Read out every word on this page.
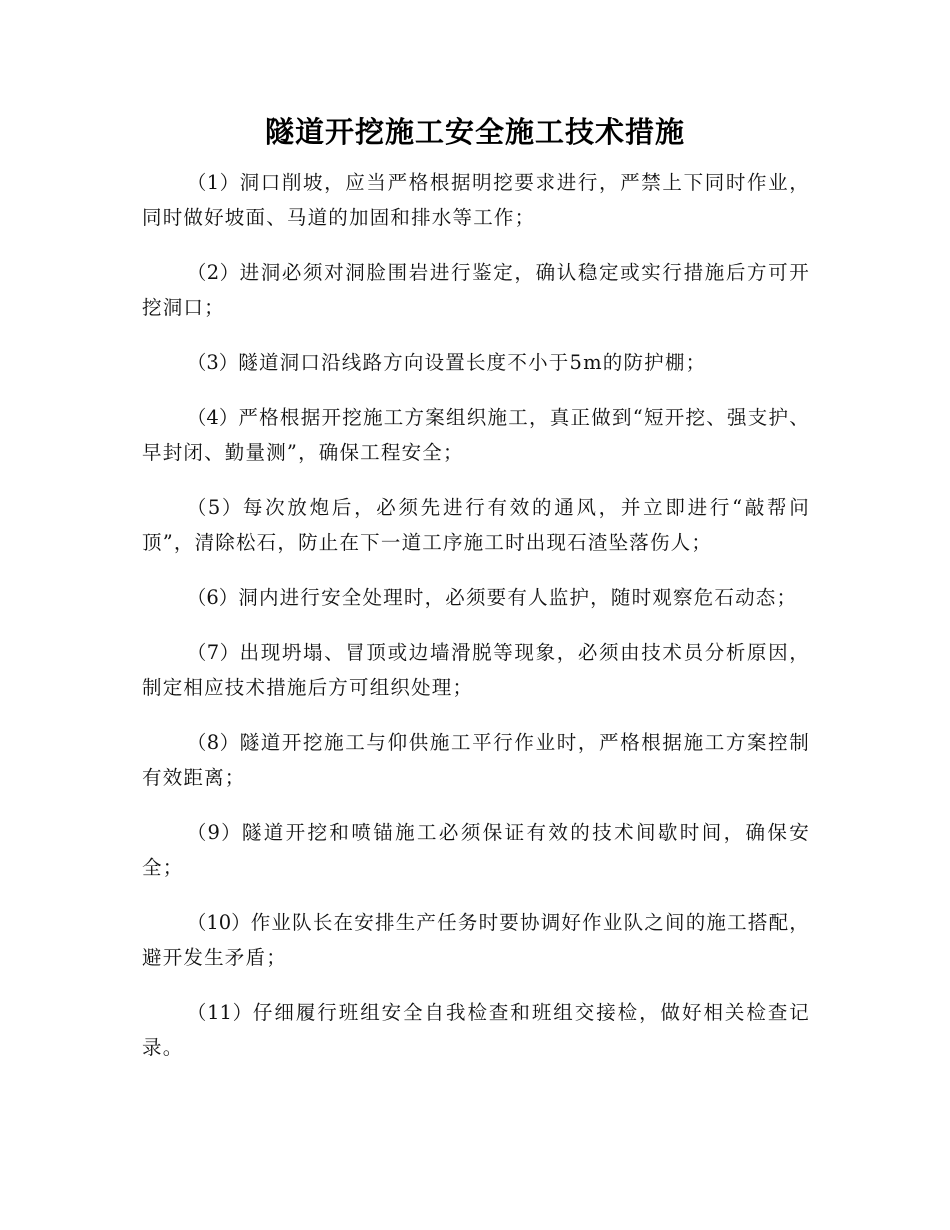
隧道开挖施工安全施工技术措施

（1）洞口削坡，应当严格根据明挖要求进行，严禁上下同时作业，同时做好坡面、马道的加固和排水等工作；

（2）进洞必须对洞脸围岩进行鉴定，确认稳定或实行措施后方可开挖洞口；

（3）隧道洞口沿线路方向设置长度不小于5m的防护棚；

（4）严格根据开挖施工方案组织施工，真正做到“短开挖、强支护、早封闭、勤量测”，确保工程安全；

（5）每次放炮后，必须先进行有效的通风，并立即进行“敲帮问顶”，清除松石，防止在下一道工序施工时出现石渣坠落伤人；

（6）洞内进行安全处理时，必须要有人监护，随时观察危石动态；

（7）出现坍塌、冒顶或边墙滑脱等现象，必须由技术员分析原因，制定相应技术措施后方可组织处理；

（8）隧道开挖施工与仰供施工平行作业时，严格根据施工方案控制有效距离；

（9）隧道开挖和喷锚施工必须保证有效的技术间歇时间，确保安全；

（10）作业队长在安排生产任务时要协调好作业队之间的施工搭配，避开发生矛盾；

（11）仔细履行班组安全自我检查和班组交接检，做好相关检查记录。
